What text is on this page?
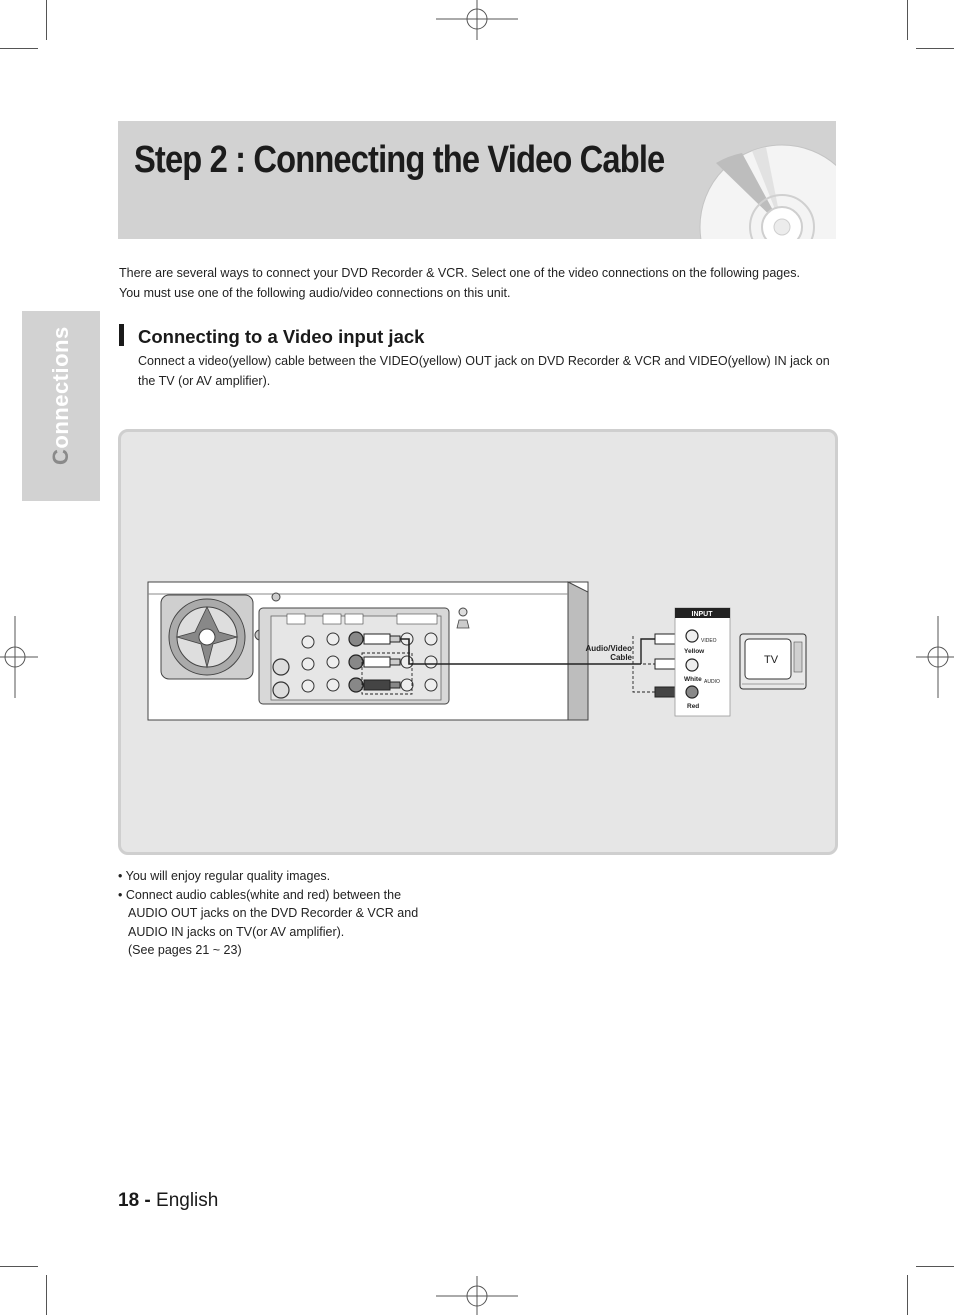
Step 2 : Connecting the Video Cable
Connections

There are several ways to connect your DVD Recorder & VCR. Select one of the video connections on the following pages.

You must use one of the following audio/video connections on this unit.

Connecting to a Video input jack

Connect a video(yellow) cable between the VIDEO(yellow) OUT jack on DVD Recorder & VCR and VIDEO(yellow) IN jack on the TV (or AV amplifier).

Audio/Video
Cable
INPUT
VIDEO
AUDIO
Yellow
White
Red
TV

• You will enjoy regular quality images.

• Connect audio cables(white and red) between the

AUDIO OUT jacks on the DVD Recorder & VCR and

AUDIO IN jacks on TV(or AV amplifier).

(See pages 21 ~ 23)

18 - English
